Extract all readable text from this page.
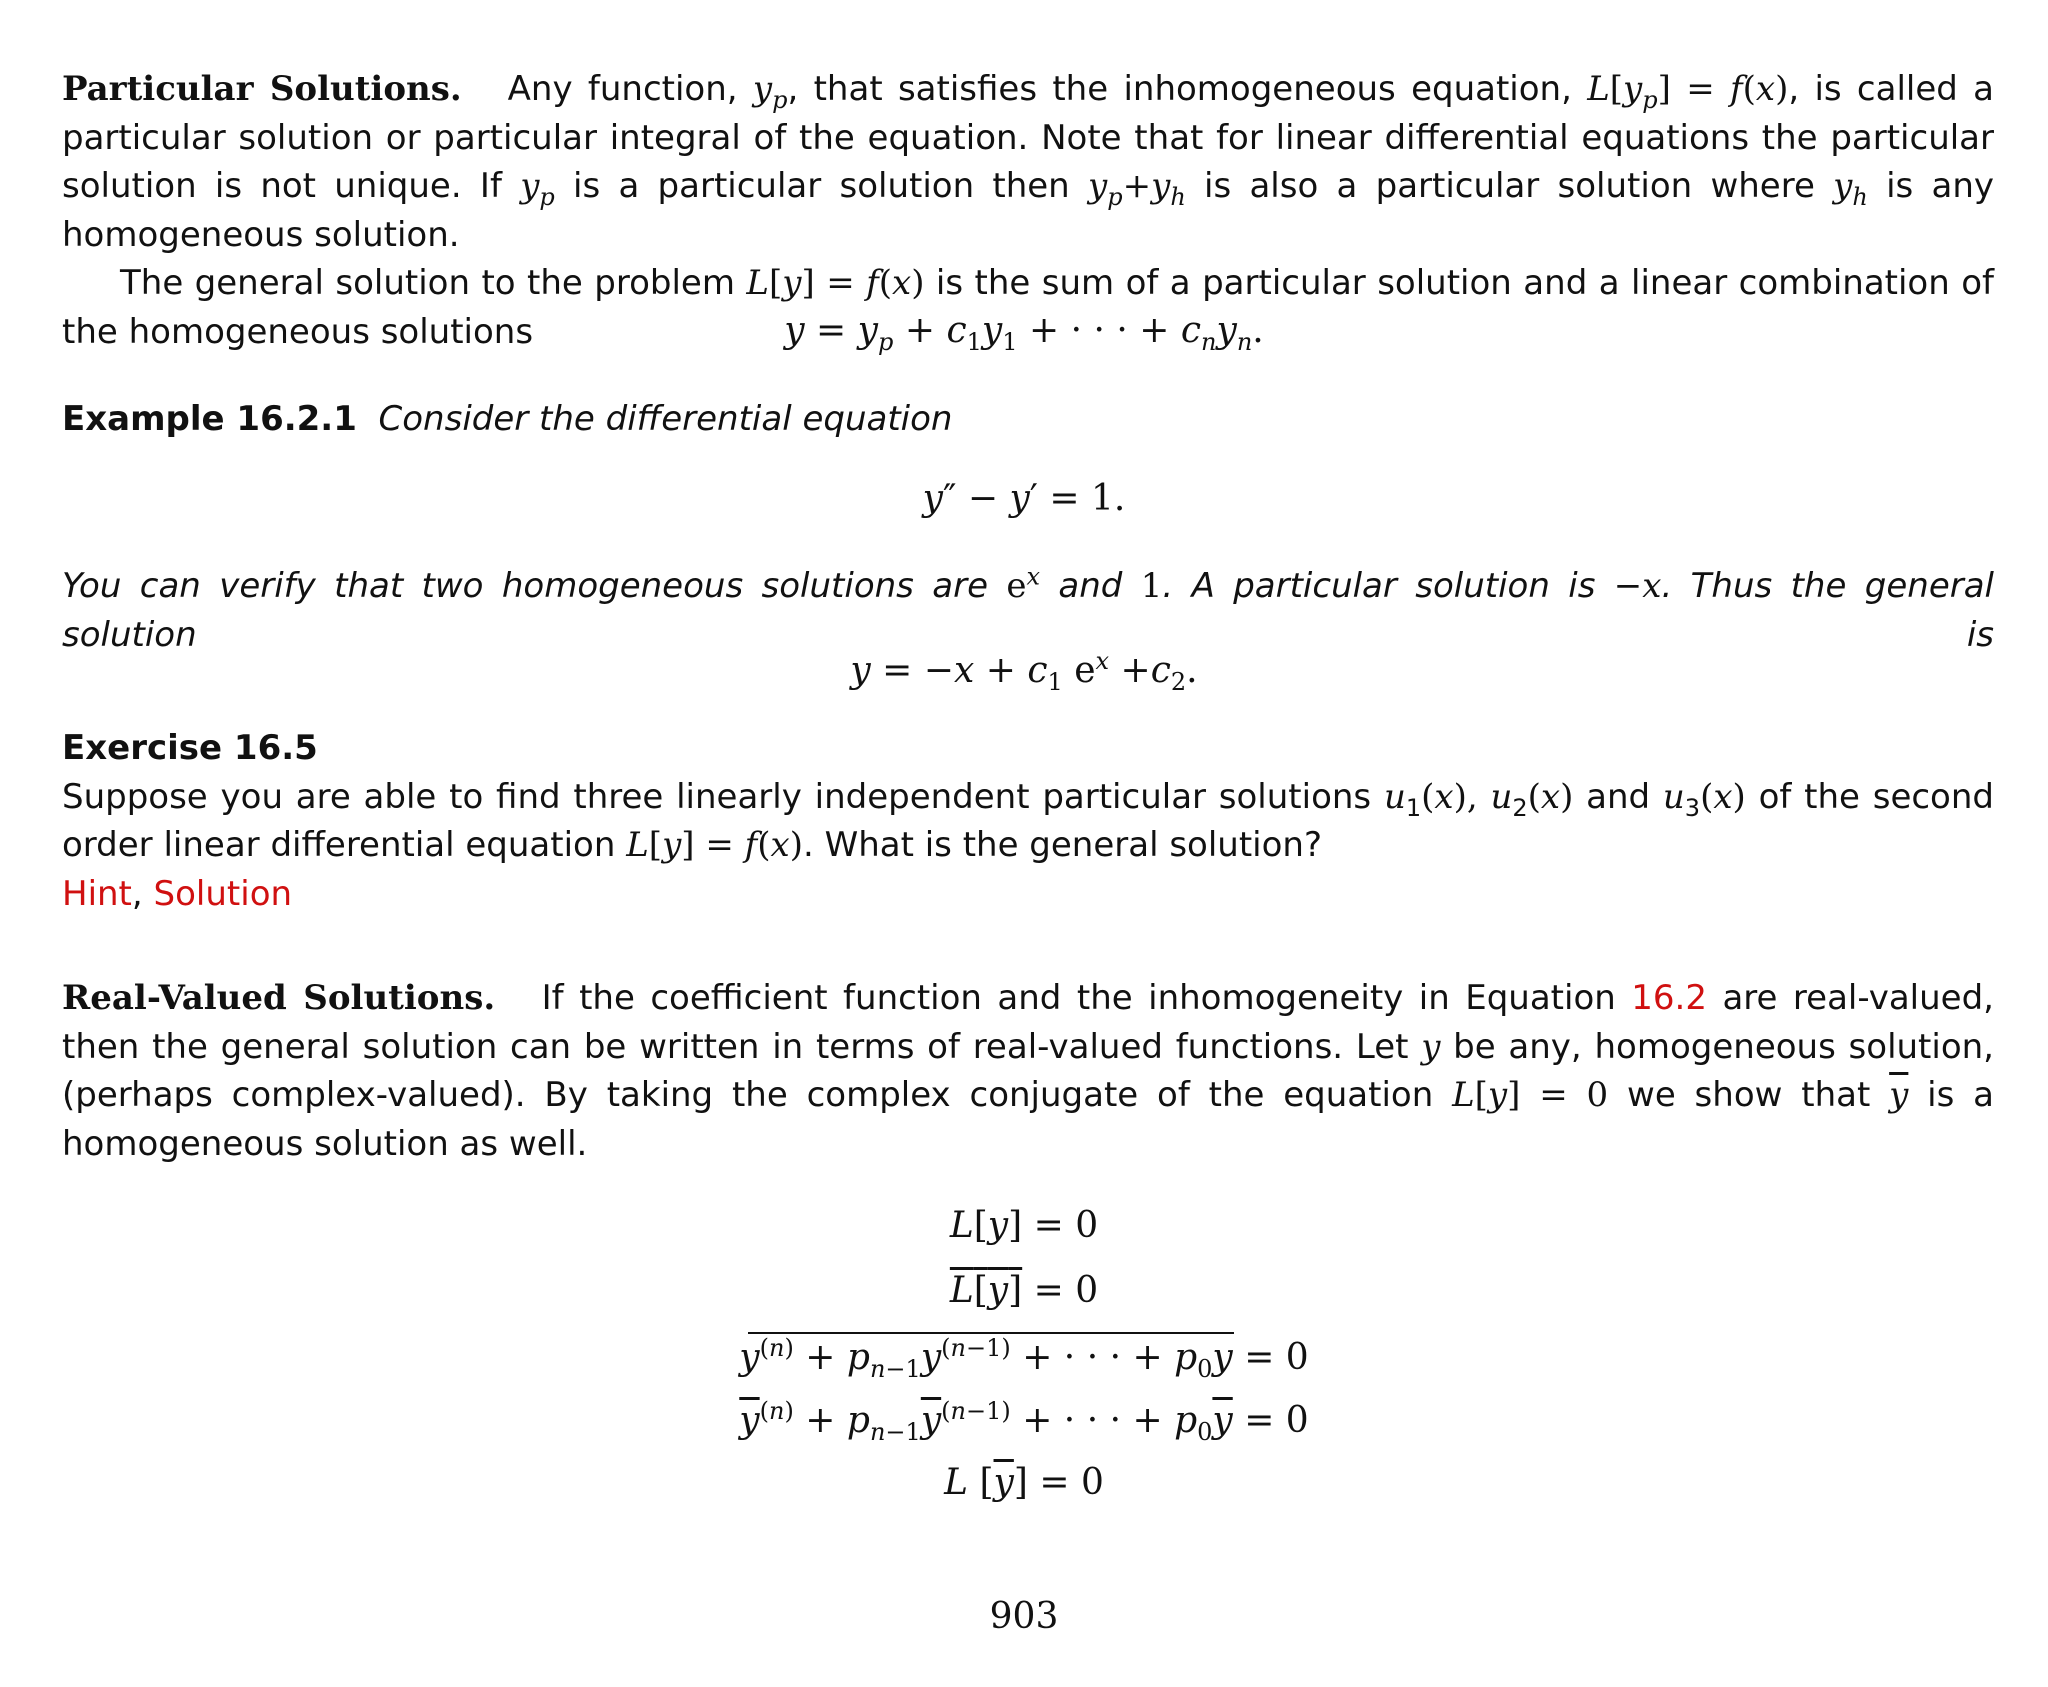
Particular Solutions. Any function, $y_p$, that satisfies the inhomogeneous equation, $L[y_p] = f(x)$, is called a particular solution or particular integral of the equation. Note that for linear differential equations the particular solution is not unique. If $y_p$ is a particular solution then $y_p+y_h$ is also a particular solution where $y_h$ is any homogeneous solution.

The general solution to the problem L[y] = f(x) is the sum of a particular solution and a linear combination of the homogeneous solutions	$y = y_p + c_1y_1$ + · · · + $c_ny_n$.

Example 16.2.1 Consider the differential equation

y″ − y′ = 1.

You can verify that two homogeneous solutions are $e^x$ and 1. A particular solution is −x. Thus the general solution is

$y = -x + c_1$ $e^x +c_2$.

Exercise 16.5

Suppose you are able to find three linearly independent particular solutions $u_1(x)$, $u_2(x)$ and $u_3(x)$ of the second order linear differential equation L[y] = f(x). What is the general solution?

Hint, Solution

Real-Valued Solutions. If the coefficient function and the inhomogeneity in Equation 16.2 are real-valued, then the general solution can be written in terms of real-valued functions. Let y be any, homogeneous solution, (perhaps complex-valued). By taking the complex conjugate of the equation L[y] = 0 we show that $\overline{y}$ is a homogeneous solution as well.

L[y] = 0
L[y] = 0
$y^{(n)} + p_{n-1}y^{(n-1)}$ + · · · + $p_0y = 0$
$\overline{y}^{(n)} + p_{n-1}\overline{y}^{(n-1)}$ + · · · + $p_0\overline{y} = 0$
L $[\overline{y}] = 0$
903
